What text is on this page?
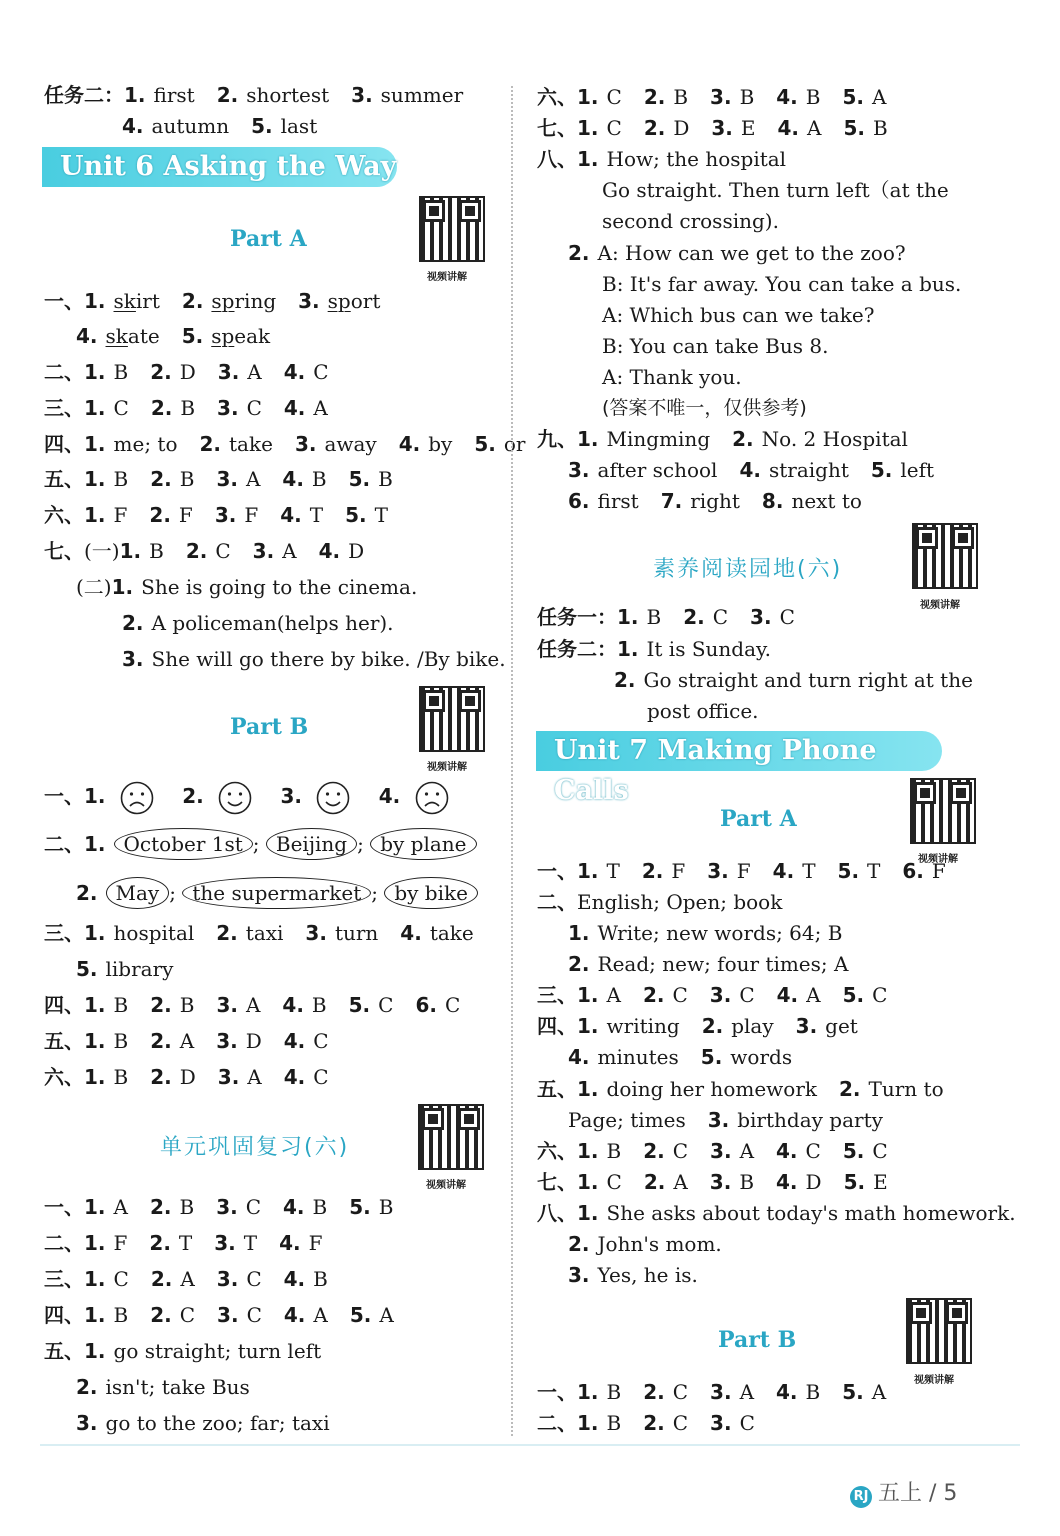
任务二：1. first 2. shortest 3. summer
4. autumn 5. last
Unit 6 Asking the Way
Part A
视频讲解
一、1. skirt 2. spring 3. sport
4. skate 5. speak
二、1. B 2. D 3. A 4. C
三、1. C 2. B 3. C 4. A
四、1. me; to 2. take 3. away 4. by 5. or
五、1. B 2. B 3. A 4. B 5. B
六、1. F 2. F 3. F 4. T 5. T
七、(一)1. B 2. C 3. A 4. D
(二)1. She is going to the cinema.
2. A policeman(helps her).
3. She will go there by bike. /By bike.
Part B
视频讲解
一、1.	2.	3.	4.
二、1. October 1st ; Beijing ; by plane
2. May ; the supermarket ; by bike
三、1. hospital 2. taxi 3. turn 4. take
5. library
四、1. B 2. B 3. A 4. B 5. C 6. C
五、1. B 2. A 3. D 4. C
六、1. B 2. D 3. A 4. C
单元巩固复习(六)
视频讲解
一、1. A 2. B 3. C 4. B 5. B
二、1. F 2. T 3. T 4. F
三、1. C 2. A 3. C 4. B
四、1. B 2. C 3. C 4. A 5. A
五、1. go straight; turn left
2. isn't; take Bus
3. go to the zoo; far; taxi
六、1. C 2. B 3. B 4. B 5. A
七、1. C 2. D 3. E 4. A 5. B
八、1. How; the hospital
Go straight. Then turn left（at the
second crossing).
2. A: How can we get to the zoo?
B: It's far away. You can take a bus.
A: Which bus can we take?
B: You can take Bus 8.
A: Thank you.
(答案不唯一，仅供参考)
九、1. Mingming 2. No. 2 Hospital
3. after school 4. straight 5. left
6. first 7. right 8. next to
素养阅读园地(六)
视频讲解
任务一：1. B 2. C 3. C
任务二：1. It is Sunday.
2. Go straight and turn right at the
post office.
Unit 7 Making Phone Calls
Part A
视频讲解
一、1. T 2. F 3. F 4. T 5. T 6. F
二、English; Open; book
1. Write; new words; 64; B
2. Read; new; four times; A
三、1. A 2. C 3. C 4. A 5. C
四、1. writing 2. play 3. get
4. minutes 5. words
五、1. doing her homework 2. Turn to
Page; times 3. birthday party
六、1. B 2. C 3. A 4. C 5. C
七、1. C 2. A 3. B 4. D 5. E
八、1. She asks about today's math homework.
2. John's mom.
3. Yes, he is.
Part B
视频讲解
一、1. B 2. C 3. A 4. B 5. A
二、1. B 2. C 3. C
RJ 五上 / 5
